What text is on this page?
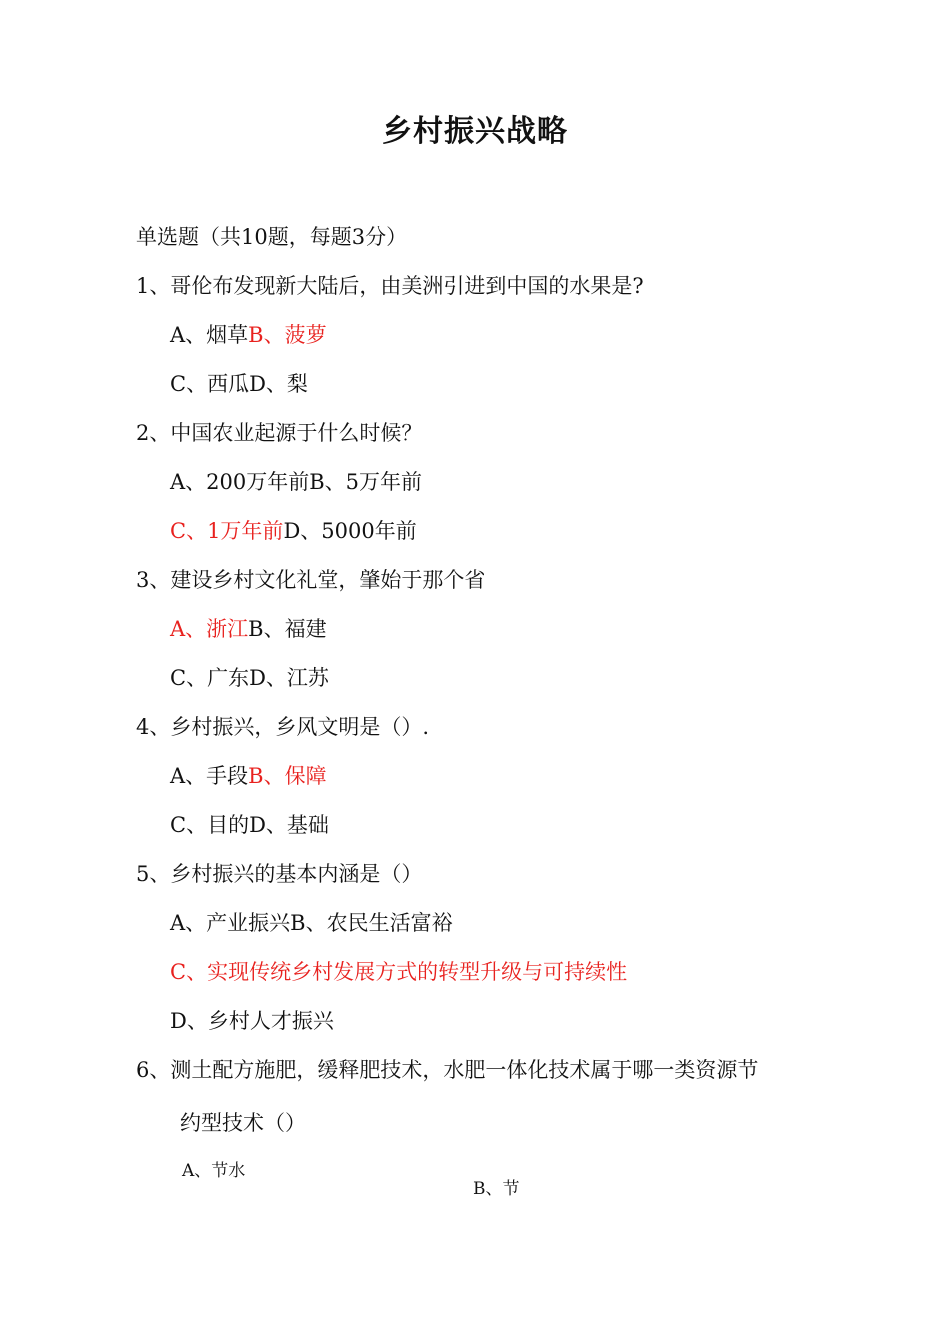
乡村振兴战略
单选题（共10题，每题3分）
1、哥伦布发现新大陆后，由美洲引进到中国的水果是?
A、烟草B、菠萝
C、西瓜D、梨
2、中国农业起源于什么时候？
A、200万年前B、5万年前
C、1万年前D、5000年前
3、建设乡村文化礼堂，肇始于那个省
A、浙江B、福建
C、广东D、江苏
4、乡村振兴，乡风文明是（）.
A、手段B、保障
C、目的D、基础
5、乡村振兴的基本内涵是（）
A、产业振兴B、农民生活富裕
C、实现传统乡村发展方式的转型升级与可持续性
D、乡村人才振兴
6、测土配方施肥，缓释肥技术，水肥一体化技术属于哪一类资源节
约型技术（）
A、节水
B、节
